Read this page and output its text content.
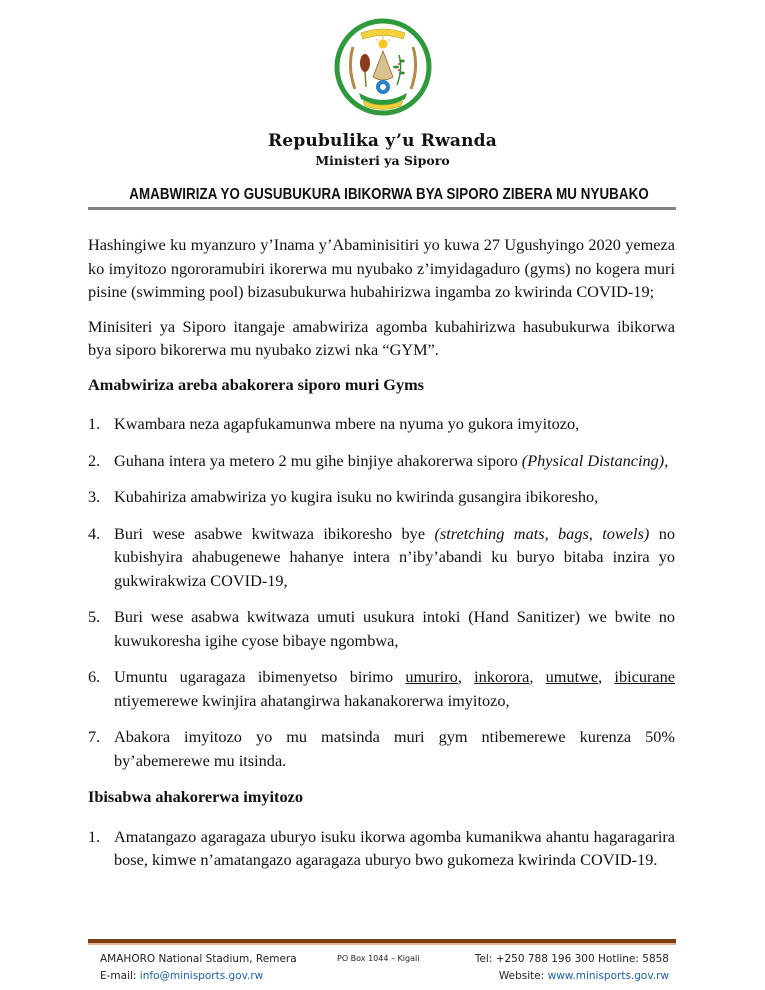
Repubulika y’u Rwanda
Ministeri ya Siporo
AMABWIRIZA YO GUSUBUKURA IBIKORWA BYA SIPORO ZIBERA MU NYUBAKO

Hashingiwe ku myanzuro y’Inama y’Abaminisitiri yo kuwa 27 Ugushyingo 2020 yemeza ko imyitozo ngororamubiri ikorerwa mu nyubako z’imyidagaduro (gyms) no kogera muri pisine (swimming pool) bizasubukurwa hubahirizwa ingamba zo kwirinda COVID-19;

Minisiteri ya Siporo itangaje amabwiriza agomba kubahirizwa hasubukurwa ibikorwa bya siporo bikorerwa mu nyubako zizwi nka “GYM”.

Amabwiriza areba abakorera siporo muri Gyms
1. Kwambara neza agapfukamunwa mbere na nyuma yo gukora imyitozo,
2. Guhana intera ya metero 2 mu gihe binjiye ahakorerwa siporo (Physical Distancing),
3. Kubahiriza amabwiriza yo kugira isuku no kwirinda gusangira ibikoresho,
4. Buri wese asabwe kwitwaza ibikoresho bye (stretching mats, bags, towels) no kubishyira ahabugenewe hahanye intera n’iby’abandi ku buryo bitaba inzira yo gukwirakwiza COVID-19,
5. Buri wese asabwa kwitwaza umuti usukura intoki (Hand Sanitizer) we bwite no kuwukoresha igihe cyose bibaye ngombwa,
6. Umuntu ugaragaza ibimenyetso birimo umuriro, inkorora, umutwe, ibicurane ntiyemerewe kwinjira ahatangirwa hakanakorerwa imyitozo,
7. Abakora imyitozo yo mu matsinda muri gym ntibemerewe kurenza 50% by’abemerewe mu itsinda.
Ibisabwa ahakorerwa imyitozo
1. Amatangazo agaragaza uburyo isuku ikorwa agomba kumanikwa ahantu hagaragarira bose, kimwe n’amatangazo agaragaza uburyo bwo gukomeza kwirinda COVID-19.
AMAHORO National Stadium, Remera	PO Box 1044 – Kigali	Tel: +250 788 196 300 Hotline: 5858
E-mail: info@minisports.gov.rw	Website: www.minisports.gov.rw
